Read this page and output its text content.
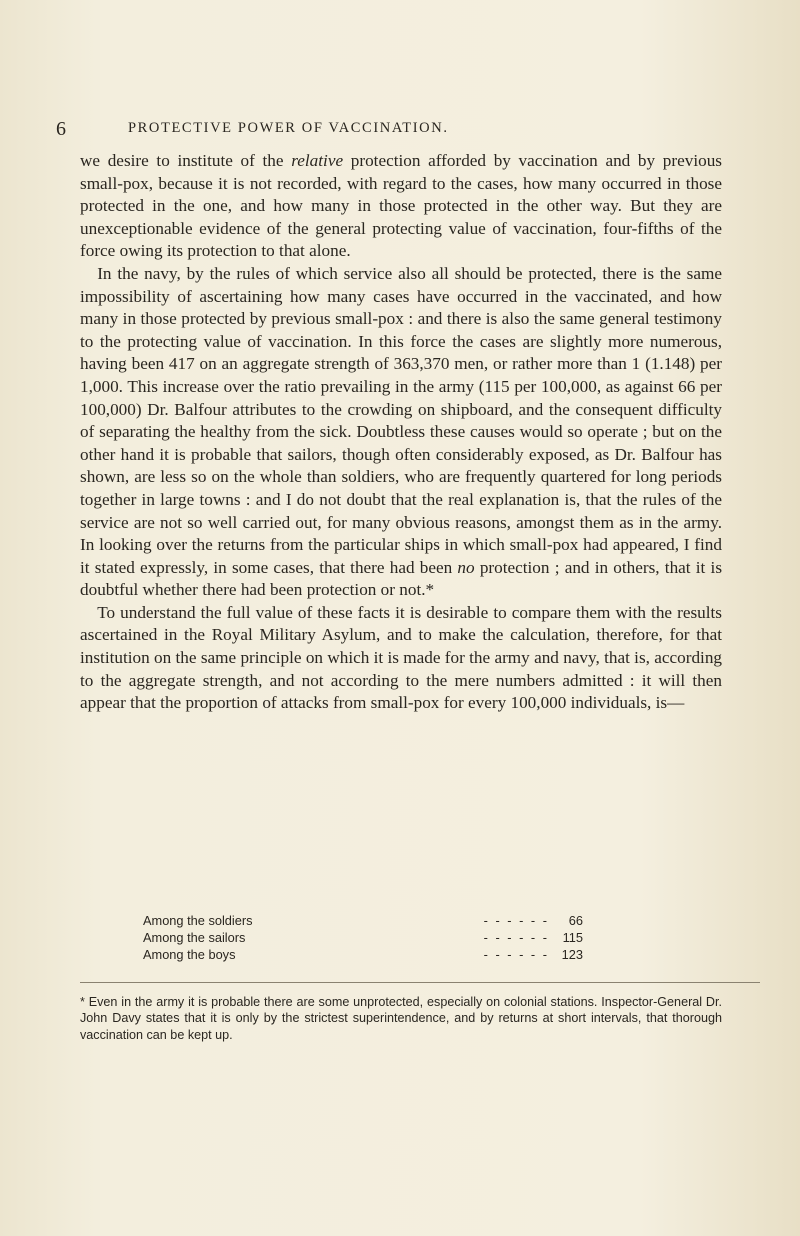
6	PROTECTIVE POWER OF VACCINATION.

we desire to institute of the relative protection afforded by vaccination and by previous small-pox, because it is not recorded, with regard to the cases, how many occurred in those protected in the one, and how many in those protected in the other way. But they are unexceptionable evidence of the general protecting value of vaccination, four-fifths of the force owing its protection to that alone.

 In the navy, by the rules of which service also all should be protected, there is the same impossibility of ascertaining how many cases have occurred in the vaccinated, and how many in those protected by previous small-pox : and there is also the same general testimony to the protecting value of vaccination. In this force the cases are slightly more numerous, having been 417 on an aggregate strength of 363,370 men, or rather more than 1 (1.148) per 1,000. This increase over the ratio prevailing in the army (115 per 100,000, as against 66 per 100,000) Dr. Balfour attributes to the crowding on shipboard, and the consequent difficulty of separating the healthy from the sick. Doubtless these causes would so operate ; but on the other hand it is probable that sailors, though often considerably exposed, as Dr. Balfour has shown, are less so on the whole than soldiers, who are frequently quartered for long periods together in large towns : and I do not doubt that the real explanation is, that the rules of the service are not so well carried out, for many obvious reasons, amongst them as in the army. In looking over the returns from the particular ships in which small-pox had appeared, I find it stated expressly, in some cases, that there had been no protection ; and in others, that it is doubtful whether there had been protection or not.*

 To understand the full value of these facts it is desirable to compare them with the results ascertained in the Royal Military Asylum, and to make the calculation, therefore, for that institution on the same principle on which it is made for the army and navy, that is, according to the aggregate strength, and not according to the mere numbers admitted : it will then appear that the proportion of attacks from small-pox for every 100,000 individuals, is—

Among the soldiers	- - - - - -	66
Among the sailors	- - - - - -	115
Among the boys	- - - - - - 123
* Even in the army it is probable there are some unprotected, especially on colonial stations. Inspector-General Dr. John Davy states that it is only by the strictest superintendence, and by returns at short intervals, that thorough vaccination can be kept up.
